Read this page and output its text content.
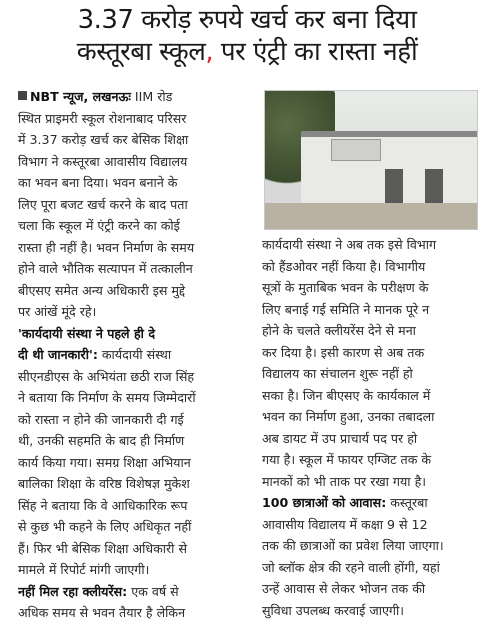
3.37 करोड़ रुपये खर्च कर बना दिया
कस्तूरबा स्कूल, पर एंट्री का रास्ता नहीं
NBT न्यूज, लखनऊः IIM रोड
स्थित प्राइमरी स्कूल रोशनाबाद परिसर
में 3.37 करोड़ खर्च कर बेसिक शिक्षा
विभाग ने कस्तूरबा आवासीय विद्यालय
का भवन बना दिया। भवन बनाने के
लिए पूरा बजट खर्च करने के बाद पता
चला कि स्कूल में एंट्री करने का कोई
रास्ता ही नहीं है। भवन निर्माण के समय
होने वाले भौतिक सत्यापन में तत्कालीन
बीएसए समेत अन्य अधिकारी इस मुद्दे
पर आंखें मूंदे रहे।
'कार्यदायी संस्था ने पहले ही दे
दी थी जानकारी': कार्यदायी संस्था
सीएनडीएस के अभियंता छठी राज सिंह
ने बताया कि निर्माण के समय जिम्मेदारों
को रास्ता न होने की जानकारी दी गई
थी, उनकी सहमति के बाद ही निर्माण
कार्य किया गया। समग्र शिक्षा अभियान
बालिका शिक्षा के वरिष्ठ विशेषज्ञ मुकेश
सिंह ने बताया कि वे आधिकारिक रूप
से कुछ भी कहने के लिए अधिकृत नहीं
हैं। फिर भी बेसिक शिक्षा अधिकारी से
मामले में रिपोर्ट मांगी जाएगी।
नहीं मिल रहा क्लीयरेंस: एक वर्ष से
अधिक समय से भवन तैयार है लेकिन
कार्यदायी संस्था ने अब तक इसे विभाग
को हैंडओवर नहीं किया है। विभागीय
सूत्रों के मुताबिक भवन के परीक्षण के
लिए बनाई गई समिति ने मानक पूरे न
होने के चलते क्लीयरेंस देने से मना
कर दिया है। इसी कारण से अब तक
विद्यालय का संचालन शुरू नहीं हो
सका है। जिन बीएसए के कार्यकाल में
भवन का निर्माण हुआ, उनका तबादला
अब डायट में उप प्राचार्य पद पर हो
गया है। स्कूल में फायर एग्जिट तक के
मानकों को भी ताक पर रखा गया है।
100 छात्राओं को आवास: कस्तूरबा
आवासीय विद्यालय में कक्षा 9 से 12
तक की छात्राओं का प्रवेश लिया जाएगा।
जो ब्लॉक क्षेत्र की रहने वाली होंगी, यहां
उन्हें आवास से लेकर भोजन तक की
सुविधा उपलब्ध करवाई जाएगी।
